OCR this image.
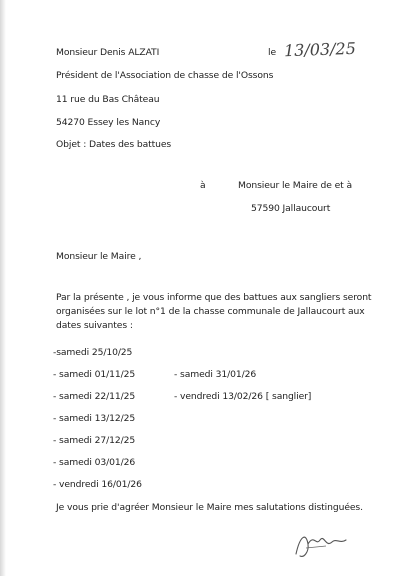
Monsieur Denis ALZATI
Président de l'Association de chasse de l'Ossons
11 rue du Bas Château
54270 Essey les Nancy
Objet : Dates des battues
le 13/03/25
à	Monsieur le Maire de et à
57590 Jallaucourt
Monsieur le Maire ,
Par la présente , je vous informe que des battues aux sangliers seront
organisées sur le lot n°1 de la chasse communale de Jallaucourt aux
dates suivantes :
-samedi 25/10/25
- samedi 01/11/25
- samedi 22/11/25
- samedi 13/12/25
- samedi 27/12/25
- samedi 03/01/26
- vendredi 16/01/26
- samedi 31/01/26
- vendredi 13/02/26 [ sanglier]
Je vous prie d'agréer Monsieur le Maire mes salutations distinguées.
